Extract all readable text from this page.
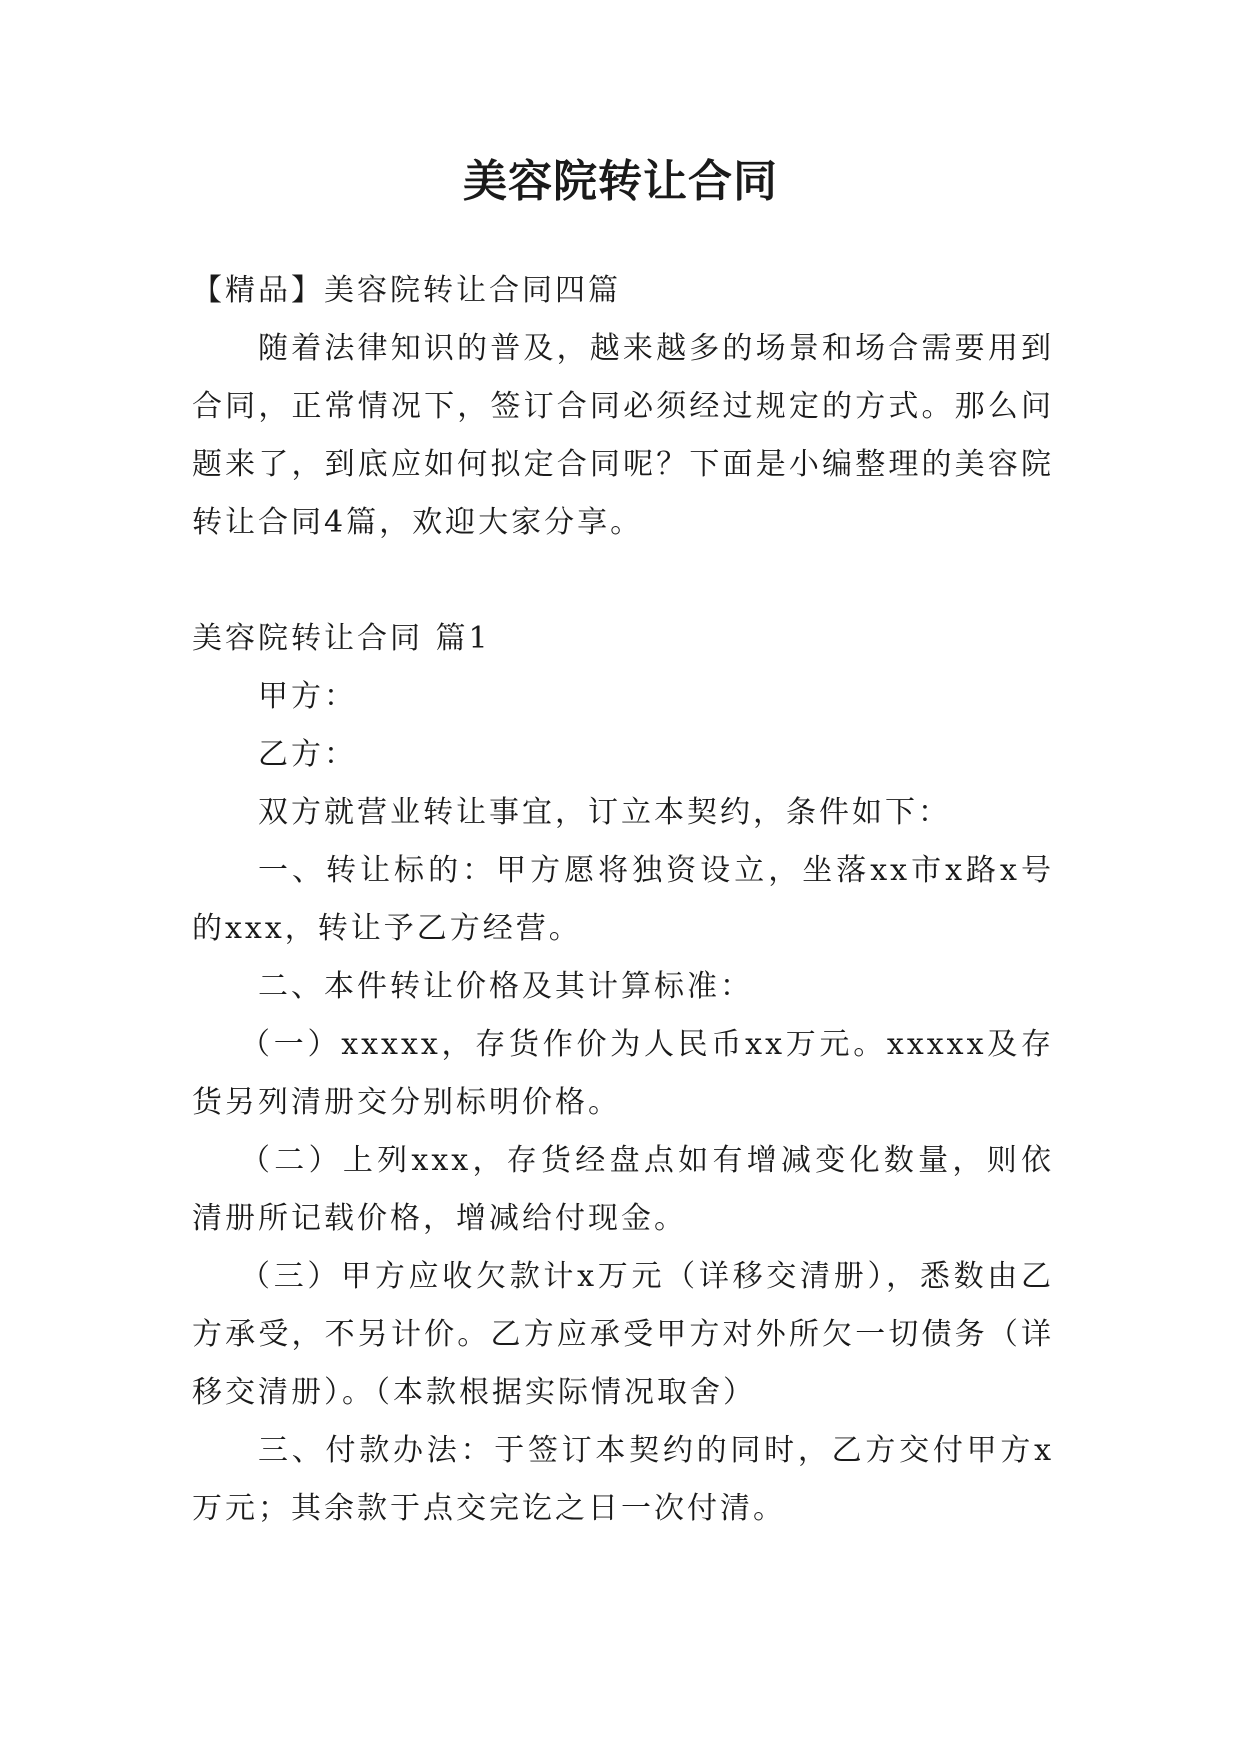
美容院转让合同

【精品】美容院转让合同四篇

随着法律知识的普及，越来越多的场景和场合需要用到合同，正常情况下，签订合同必须经过规定的方式。那么问题来了，到底应如何拟定合同呢？下面是小编整理的美容院转让合同4篇，欢迎大家分享。

美容院转让合同 篇1

甲方：

乙方：

双方就营业转让事宜，订立本契约，条件如下：

一、转让标的：甲方愿将独资设立，坐落xx市x路x号的xxx，转让予乙方经营。

二、本件转让价格及其计算标准：

（一）xxxxx，存货作价为人民币xx万元。xxxxx及存货另列清册交分别标明价格。

（二）上列xxx，存货经盘点如有增减变化数量，则依清册所记载价格，增减给付现金。

（三）甲方应收欠款计x万元（详移交清册），悉数由乙方承受，不另计价。乙方应承受甲方对外所欠一切债务（详移交清册）。（本款根据实际情况取舍）

三、付款办法：于签订本契约的同时，乙方交付甲方x万元；其余款于点交完讫之日一次付清。
